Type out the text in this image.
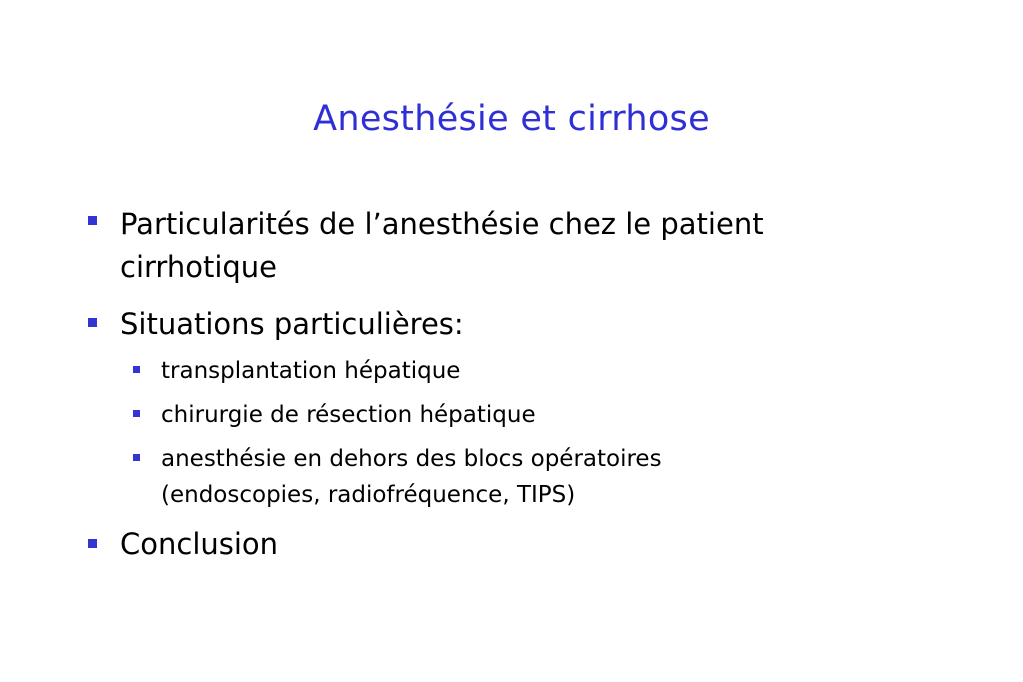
Anesthésie et cirrhose
Particularités de l’anesthésie chez le patient
cirrhotique
Situations particulières:
transplantation hépatique
chirurgie de résection hépatique
anesthésie en dehors des blocs opératoires
(endoscopies, radiofréquence, TIPS)
Conclusion
